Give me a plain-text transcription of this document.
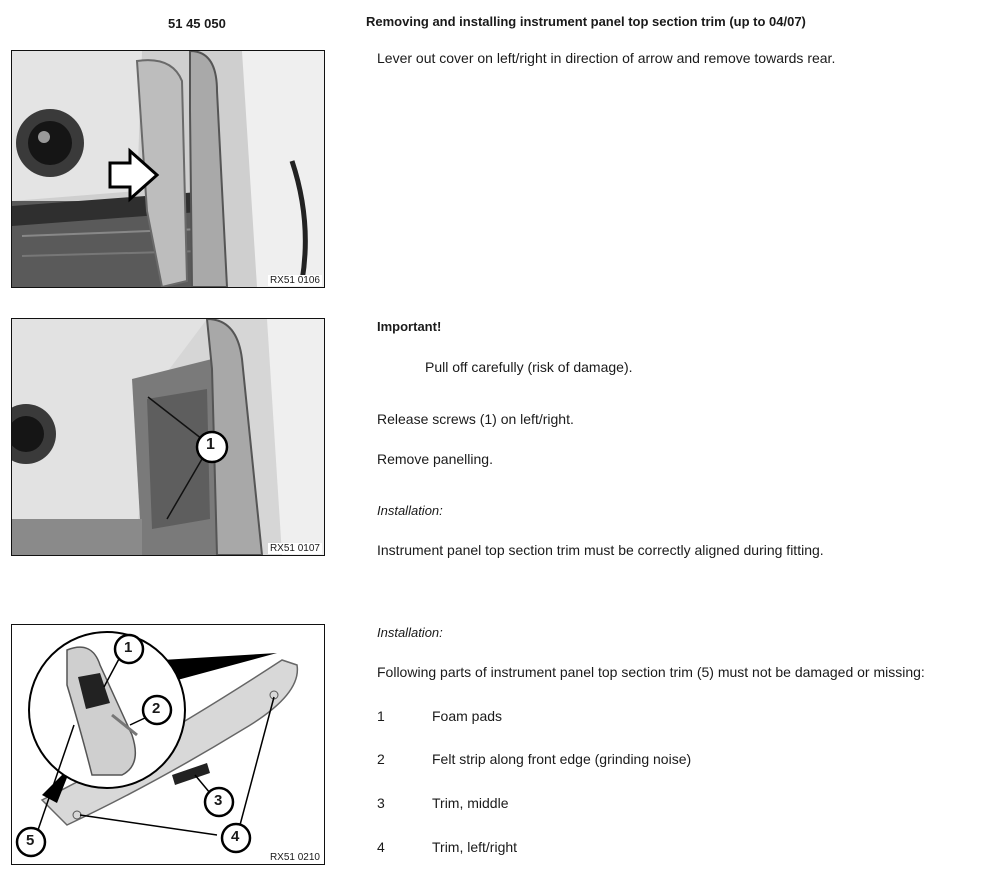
51 45 050	Removing and installing instrument panel top section trim (up to 04/07)
RX51 0106
Lever out cover on left/right in direction of arrow and remove towards rear.
1
RX51 0107
Important!
Pull off carefully (risk of damage).
Release screws (1) on left/right.
Remove panelling.
Installation:
Instrument panel top section trim must be correctly aligned during fitting.
1
2
3
4
5
RX51 0210
Installation:
Following parts of instrument panel top section trim (5) must not be damaged or missing:
1	Foam pads
2	Felt strip along front edge (grinding noise)
3	Trim, middle
4	Trim, left/right
